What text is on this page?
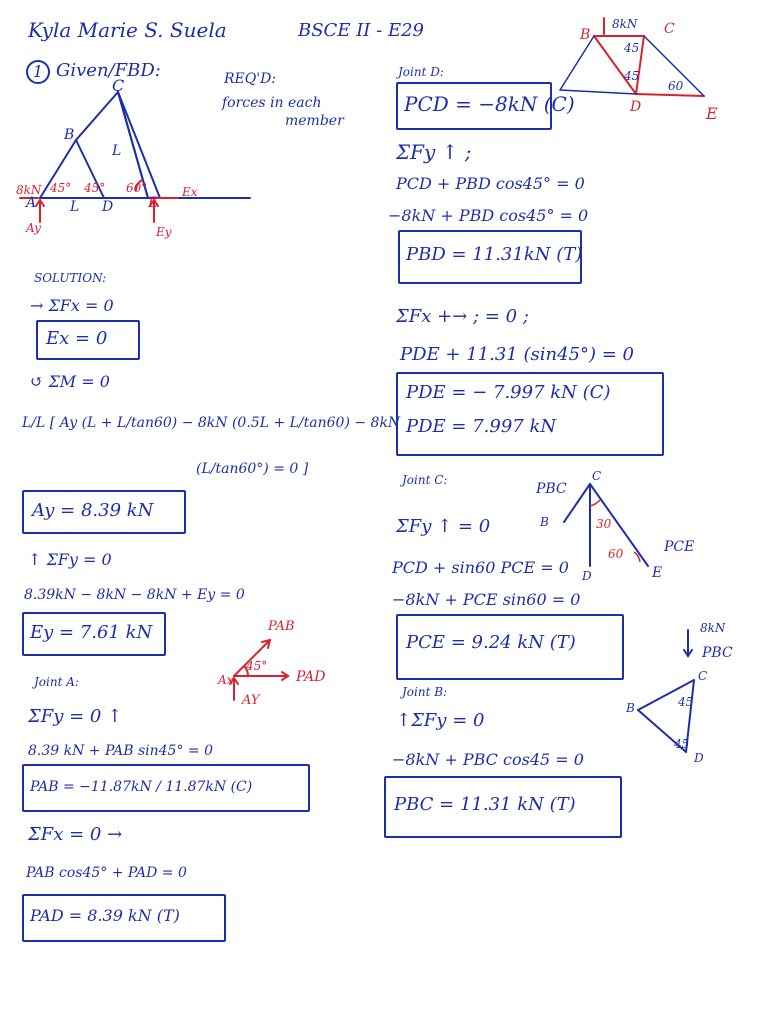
Kyla Marie S. Suela	BSCE II - E29
1 Given/FBD:	REQ'D:
forces in each
member
C
B
A	D E
45° 45° 60°
L
L
8kN
Ay
Ex
Ey
SOLUTION:
→ ΣFx = 0
Ex = 0
↺ ΣM = 0
L/L [ Ay (L + L/tan60) − 8kN (0.5L + L/tan60) − 8kN
(L/tan60°) = 0 ]
Ay = 8.39 kN
↑ ΣFy = 0
8.39kN − 8kN − 8kN + Ey = 0
Ey = 7.61 kN
Joint A:
PAB
PAD
AY
45°
Ax
ΣFy = 0 ↑
8.39 kN + PAB sin45° = 0
PAB = −11.87kN / 11.87kN (C)
ΣFx = 0 →
PAB cos45° + PAD = 0
PAD = 8.39 kN (T)
Joint D:
B	C
D	E
8kN
45
60
45
PCD = −8kN (C)
ΣFy ↑ ;
PCD + PBD cos45° = 0
−8kN + PBD cos45° = 0
PBD = 11.31kN (T)
ΣFx +→ ; = 0 ;
PDE + 11.31 (sin45°) = 0
PDE = − 7.997 kN (C)
PDE = 7.997 kN
Joint C:
PBC
PCE
B
C
D	E
30
60
ΣFy ↑ = 0
PCD + sin60 PCE = 0
−8kN + PCE sin60 = 0
PCE = 9.24 kN (T)
Joint B:
8kN
PBC
B
C
D
45
45
↑ΣFy = 0
−8kN + PBC cos45 = 0
PBC = 11.31 kN (T)
